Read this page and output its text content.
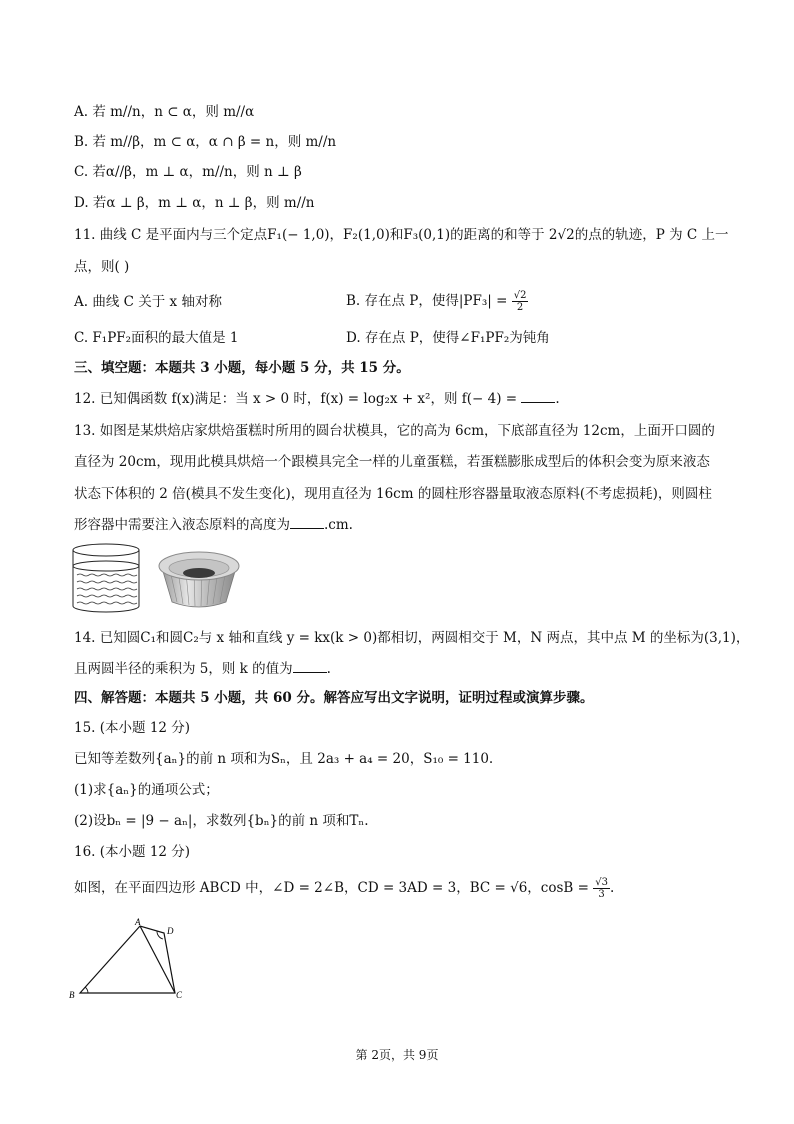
A. 若 m//n，n ⊂ α，则 m//α
B. 若 m//β，m ⊂ α，α ∩ β = n，则 m//n
C. 若α//β，m ⊥ α，m//n，则 n ⊥ β
D. 若α ⊥ β，m ⊥ α，n ⊥ β，则 m//n
11. 曲线 C 是平面内与三个定点F₁(− 1,0)，F₂(1,0)和F₃(0,1)的距离的和等于 2√2的点的轨迹，P 为 C 上一
点，则( )
A. 曲线 C 关于 x 轴对称	B. 存在点 P，使得$|PF_3| = \frac{√2}{2}$
C. F₁PF₂面积的最大值是 1	D. 存在点 P，使得∠F₁PF₂为钝角
三、填空题：本题共 3 小题，每小题 5 分，共 15 分。
12. 已知偶函数 f(x)满足：当 x > 0 时，f(x) = log₂x + x²，则 f(− 4) =	.
13. 如图是某烘焙店家烘焙蛋糕时所用的圆台状模具，它的高为 6cm，下底部直径为 12cm，上面开口圆的
直径为 20cm，现用此模具烘焙一个跟模具完全一样的儿童蛋糕，若蛋糕膨胀成型后的体积会变为原来液态
状态下体积的 2 倍(模具不发生变化)，现用直径为 16cm 的圆柱形容器量取液态原料(不考虑损耗)，则圆柱
形容器中需要注入液态原料的高度为	.cm.
14. 已知圆C₁和圆C₂与 x 轴和直线 y = kx(k > 0)都相切，两圆相交于 M，N 两点，其中点 M 的坐标为(3,1)，
且两圆半径的乘积为 5，则 k 的值为	.
四、解答题：本题共 5 小题，共 60 分。解答应写出文字说明，证明过程或演算步骤。
15. (本小题 12 分)
已知等差数列{aₙ}的前 n 项和为Sₙ，且 2a₃ + a₄ = 20，S₁₀ = 110.
(1)求{aₙ}的通项公式；
(2)设bₙ = |9 − aₙ|，求数列{bₙ}的前 n 项和Tₙ.
16. (本小题 12 分)
如图，在平面四边形 ABCD 中，∠D = 2∠B，CD = 3AD = 3，BC = √6，$\cos B = \frac{√3}{3}$ .
A
B	C
D
第 2页，共 9页
